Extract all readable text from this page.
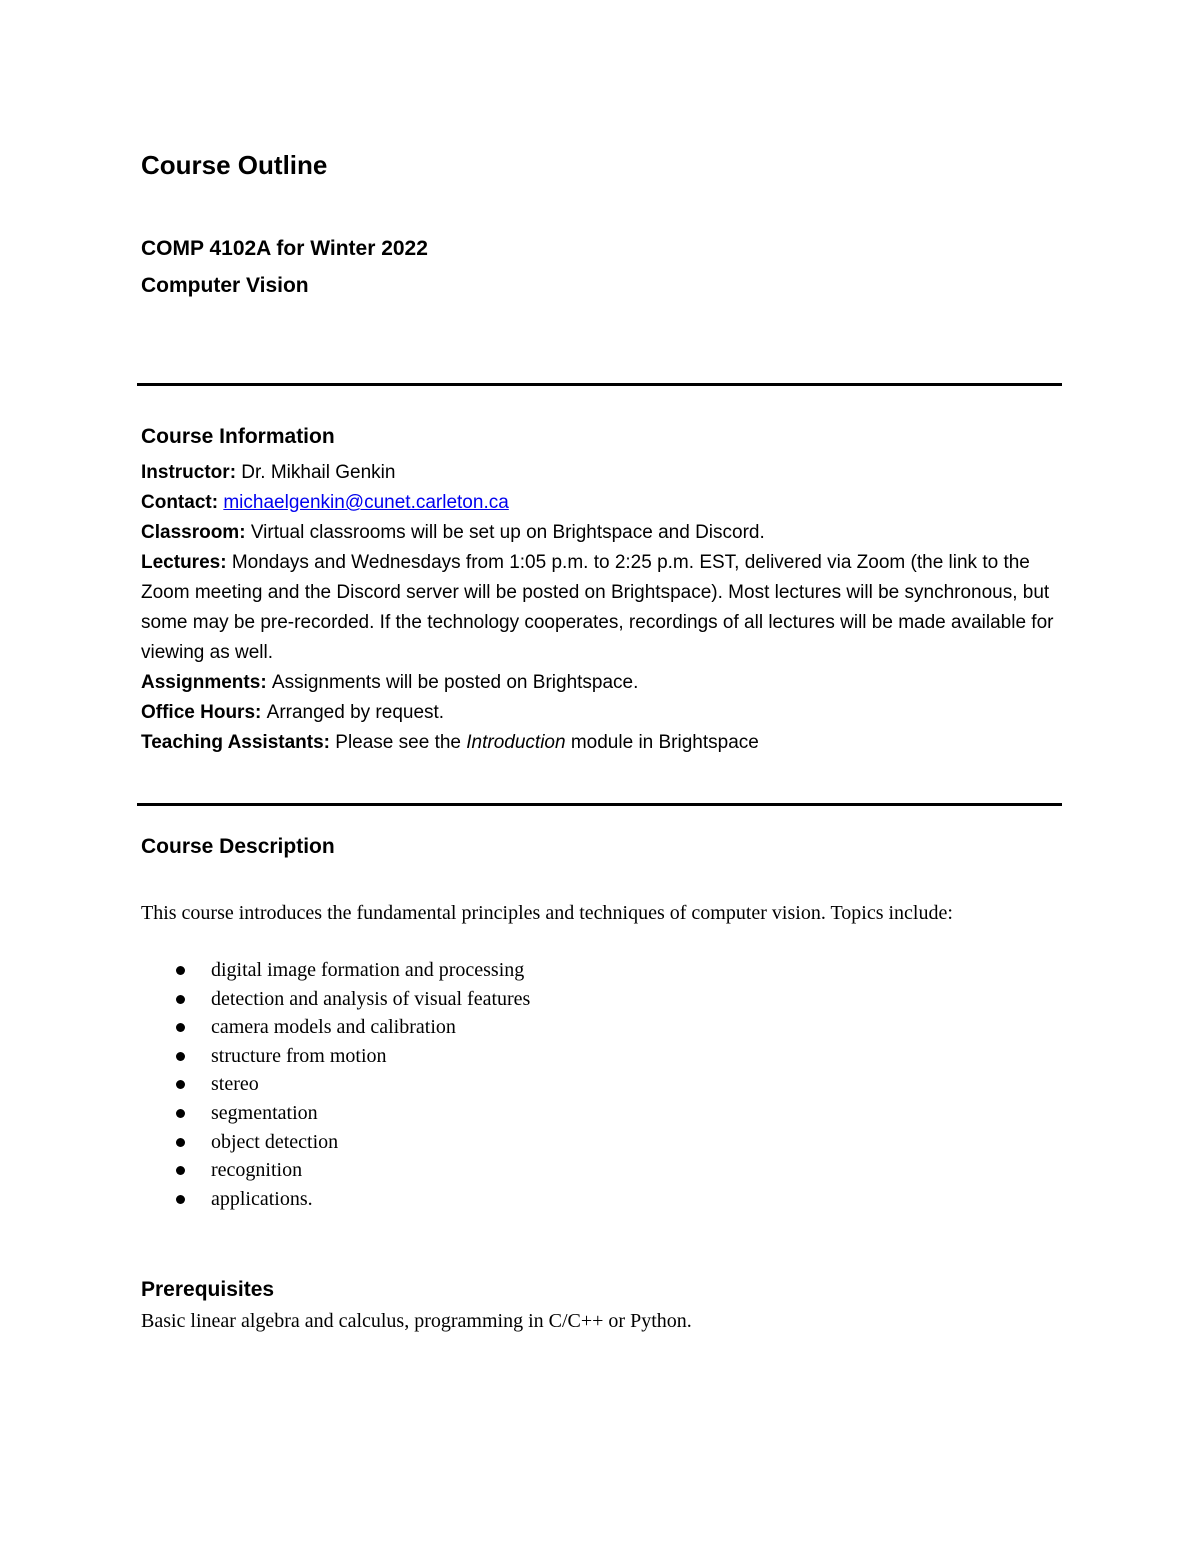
Course Outline
COMP 4102A for Winter 2022
Computer Vision
Course Information

Instructor: Dr. Mikhail Genkin

Contact: michaelgenkin@cunet.carleton.ca

Classroom: Virtual classrooms will be set up on Brightspace and Discord.

Lectures: Mondays and Wednesdays from 1:05 p.m. to 2:25 p.m. EST, delivered via Zoom (the link to the Zoom meeting and the Discord server will be posted on Brightspace). Most lectures will be synchronous, but some may be pre-recorded. If the technology cooperates, recordings of all lectures will be made available for viewing as well.

Assignments: Assignments will be posted on Brightspace.

Office Hours: Arranged by request.

Teaching Assistants: Please see the Introduction module in Brightspace

Course Description

This course introduces the fundamental principles and techniques of computer vision. Topics include:

digital image formation and processing
detection and analysis of visual features
camera models and calibration
structure from motion
stereo
segmentation
object detection
recognition
applications.
Prerequisites

Basic linear algebra and calculus, programming in C/C++ or Python.
